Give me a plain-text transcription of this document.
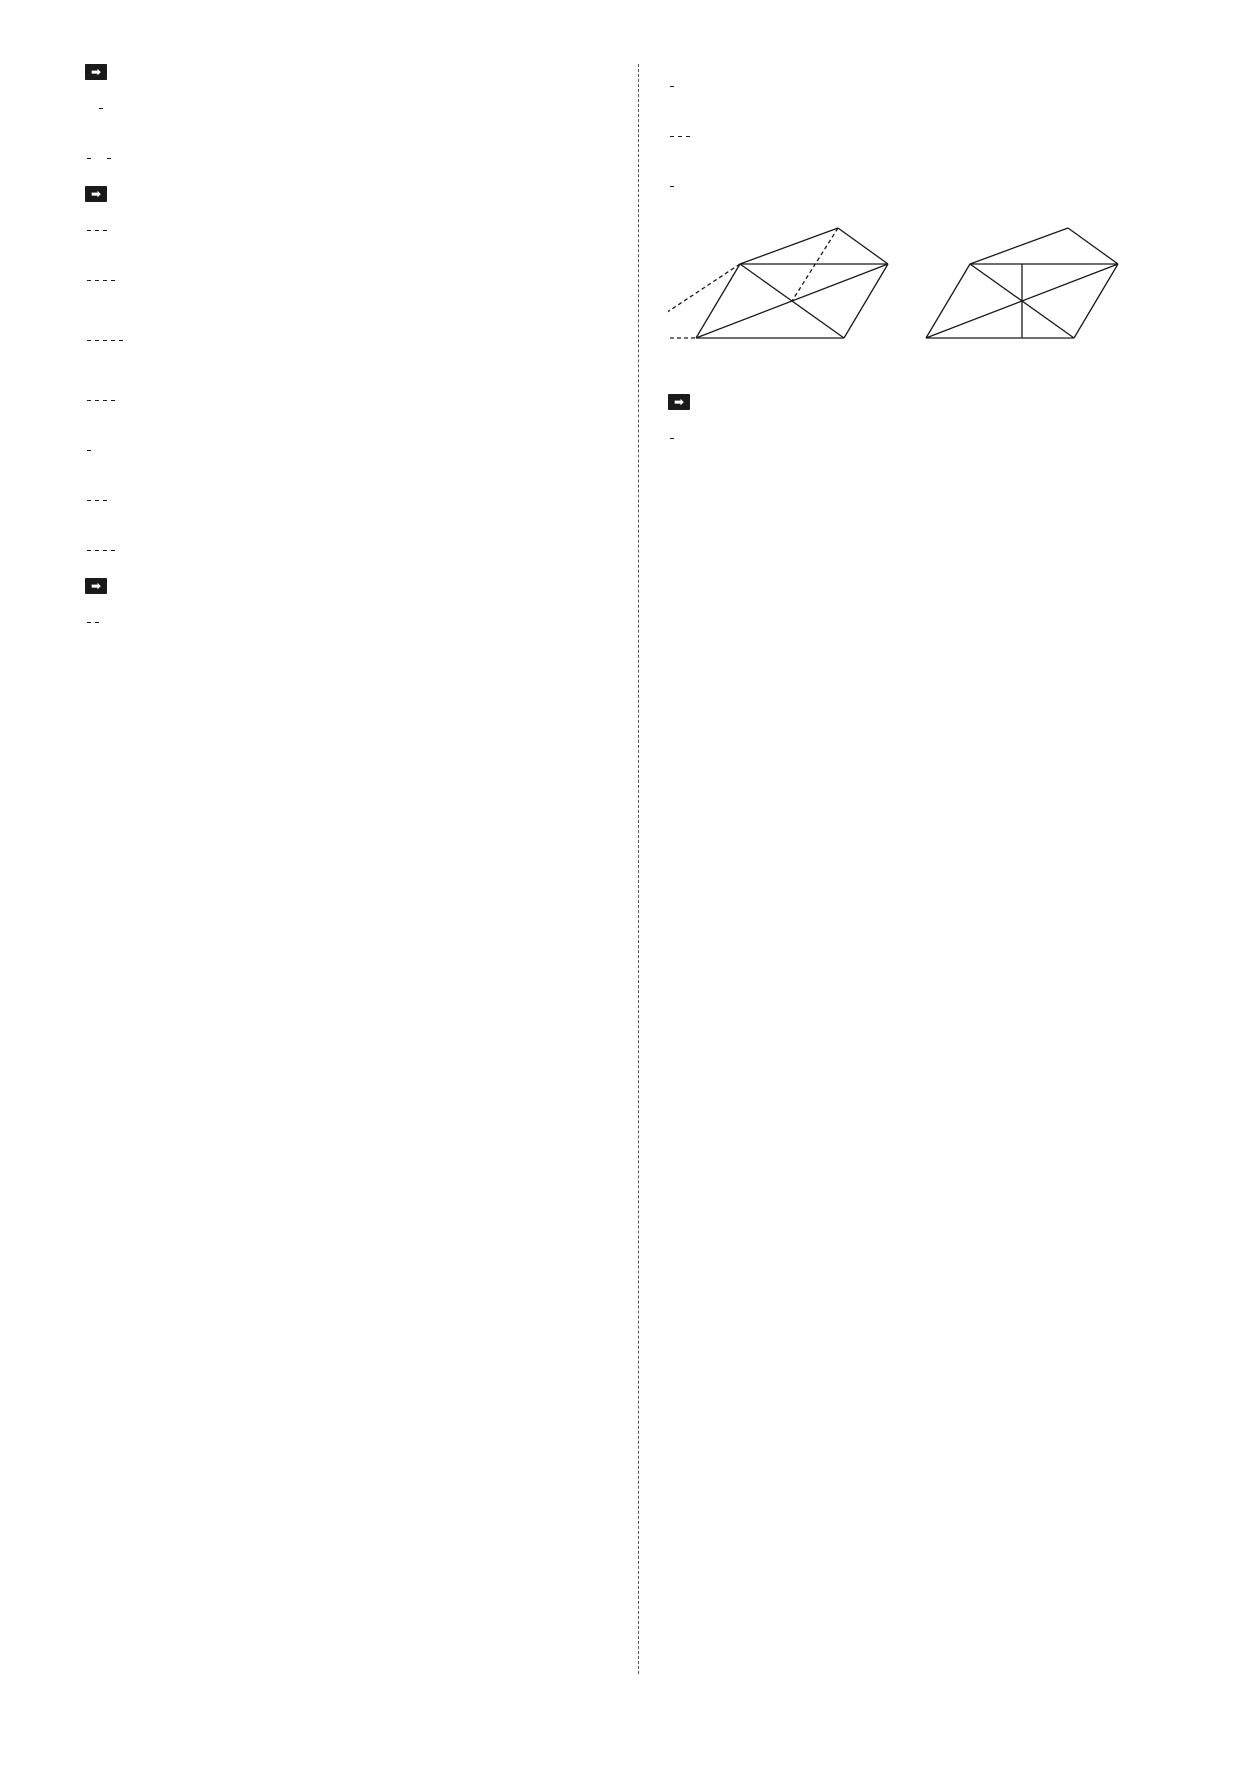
➡

➡
➡
➡
